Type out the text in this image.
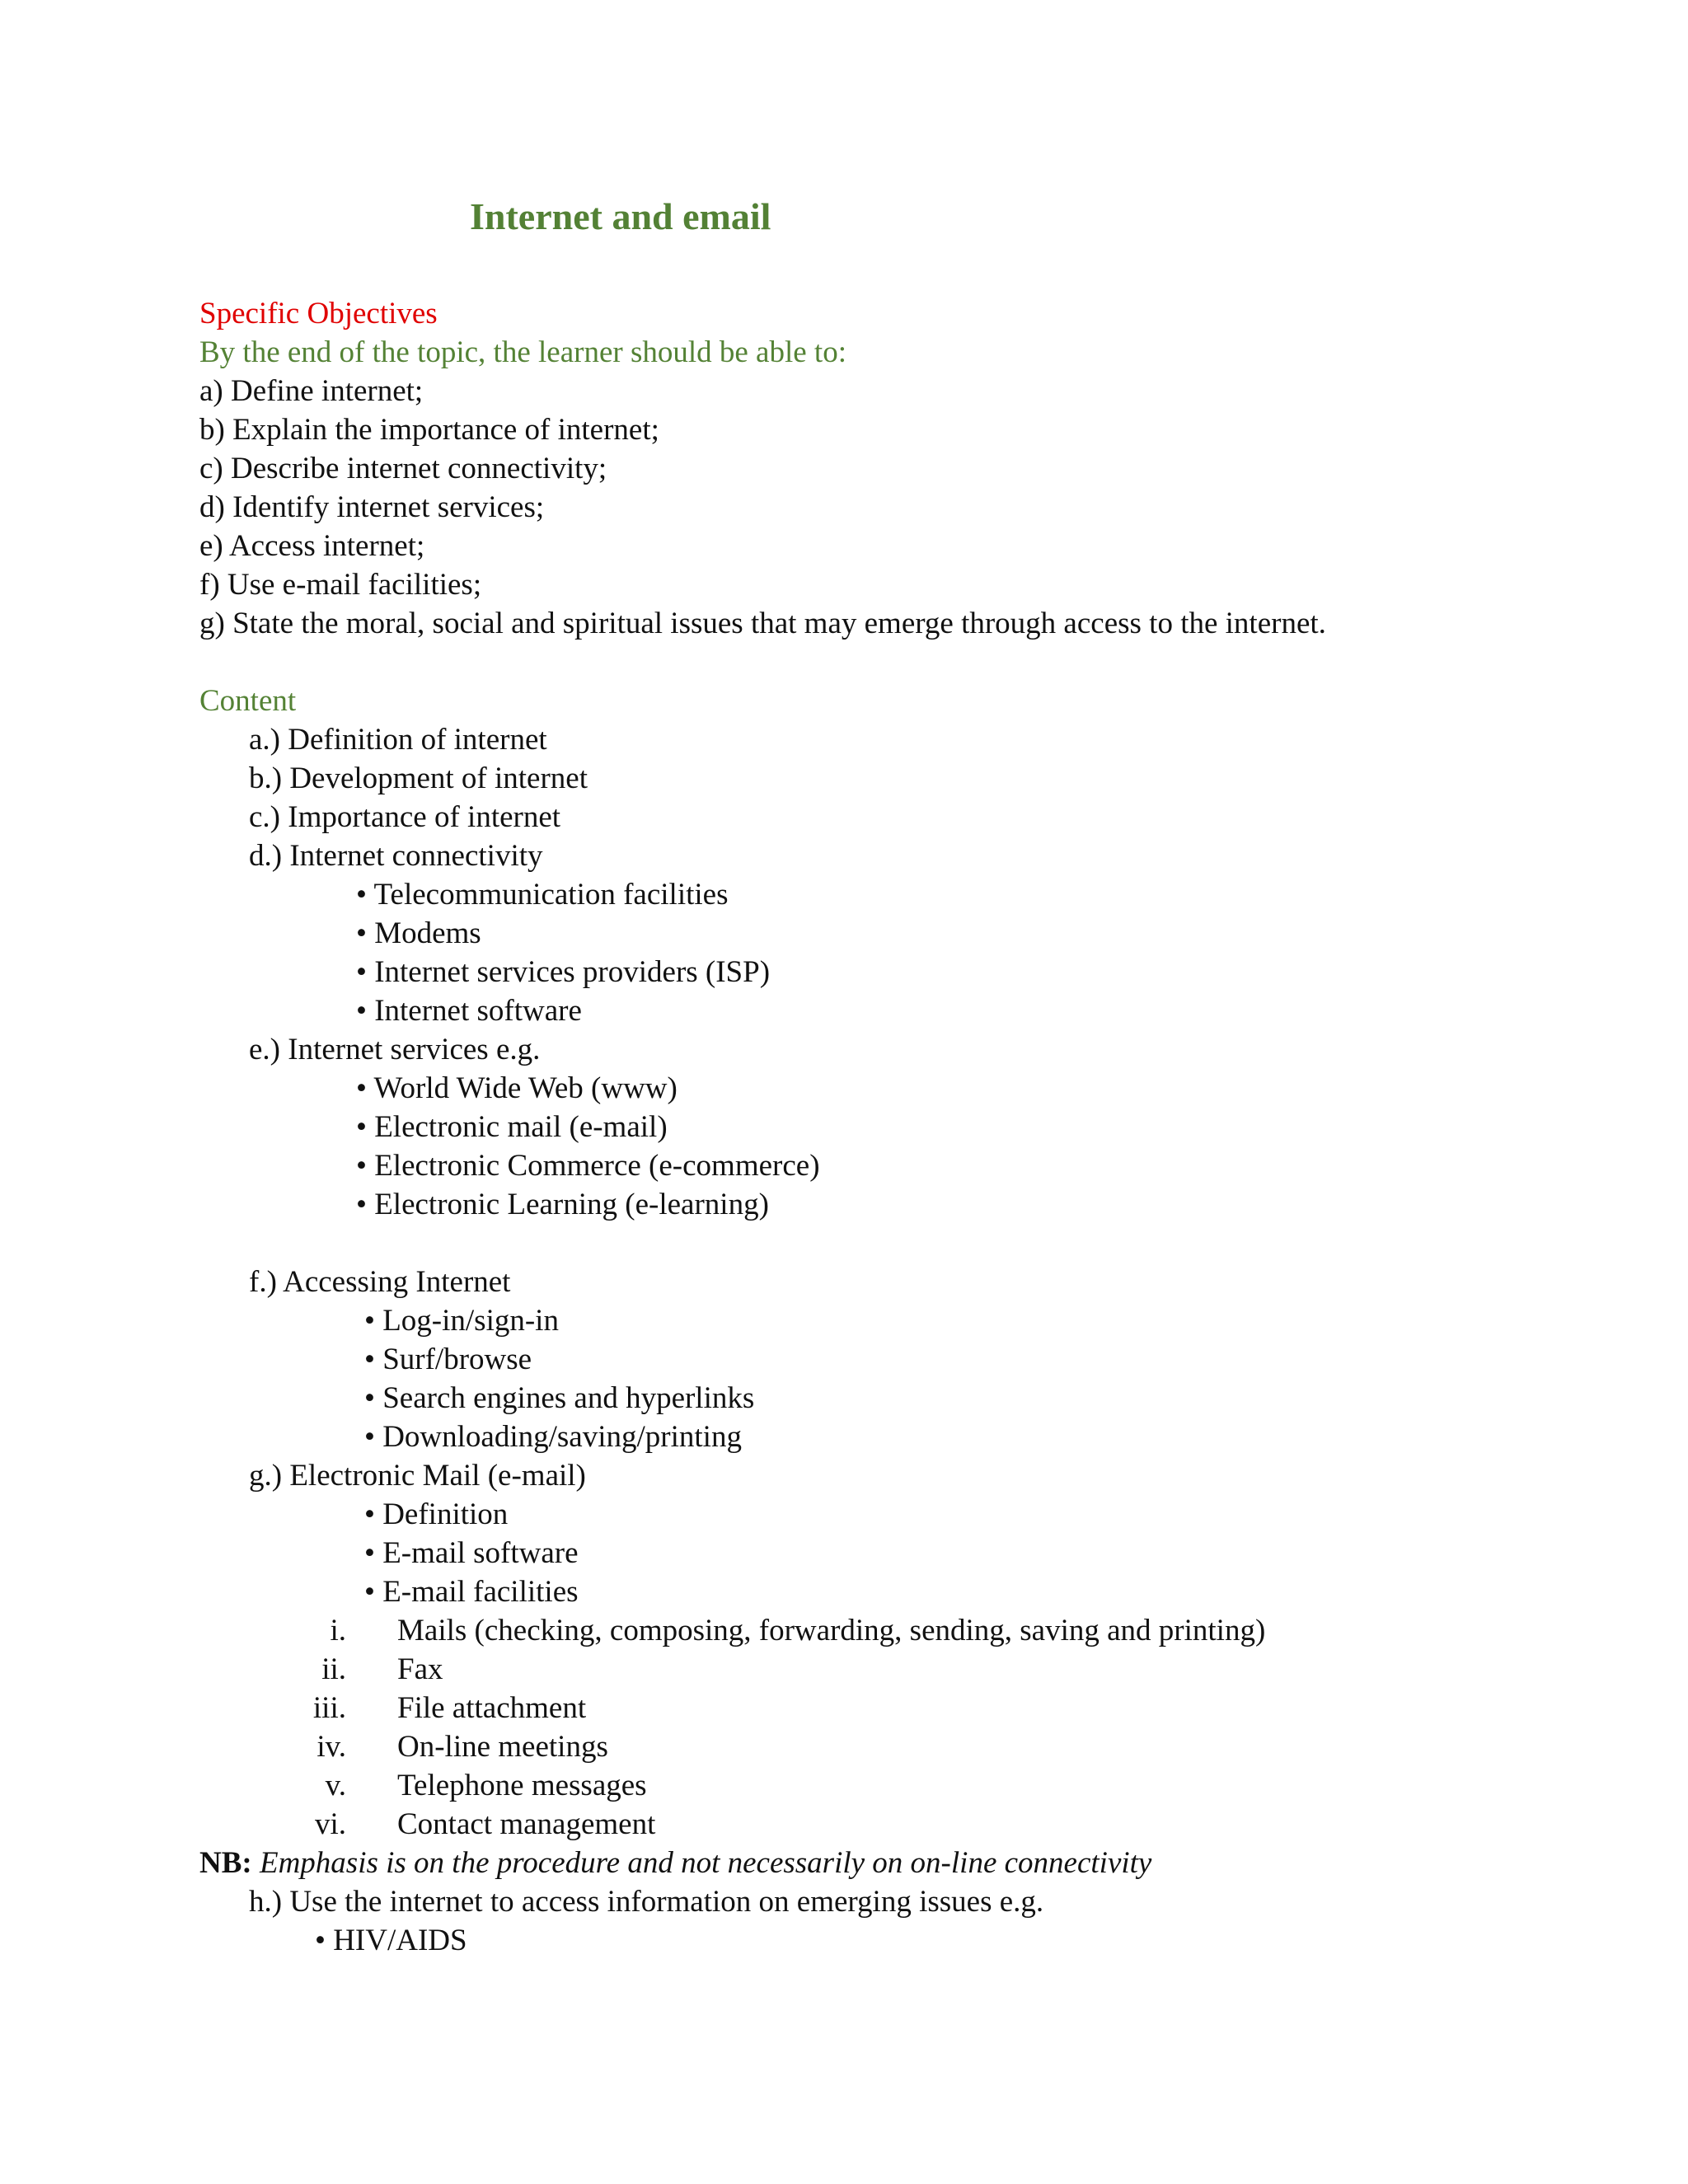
Internet and email
Specific Objectives
By the end of the topic, the learner should be able to:
a) Define internet;
b) Explain the importance of internet;
c) Describe internet connectivity;
d) Identify internet services;
e) Access internet;
f) Use e-mail facilities;
g) State the moral, social and spiritual issues that may emerge through access to the internet.
Content
a.) Definition of internet
b.) Development of internet
c.) Importance of internet
d.) Internet connectivity
• Telecommunication facilities
• Modems
• Internet services providers (ISP)
• Internet software
e.) Internet services e.g.
• World Wide Web (www)
• Electronic mail (e-mail)
• Electronic Commerce (e-commerce)
• Electronic Learning (e-learning)
f.) Accessing Internet
• Log-in/sign-in
• Surf/browse
• Search engines and hyperlinks
• Downloading/saving/printing
g.) Electronic Mail (e-mail)
• Definition
• E-mail software
• E-mail facilities
i. Mails (checking, composing, forwarding, sending, saving and printing)
ii. Fax
iii. File attachment
iv. On-line meetings
v. Telephone messages
vi. Contact management
NB: Emphasis is on the procedure and not necessarily on on-line connectivity
h.) Use the internet to access information on emerging issues e.g.
• HIV/AIDS
